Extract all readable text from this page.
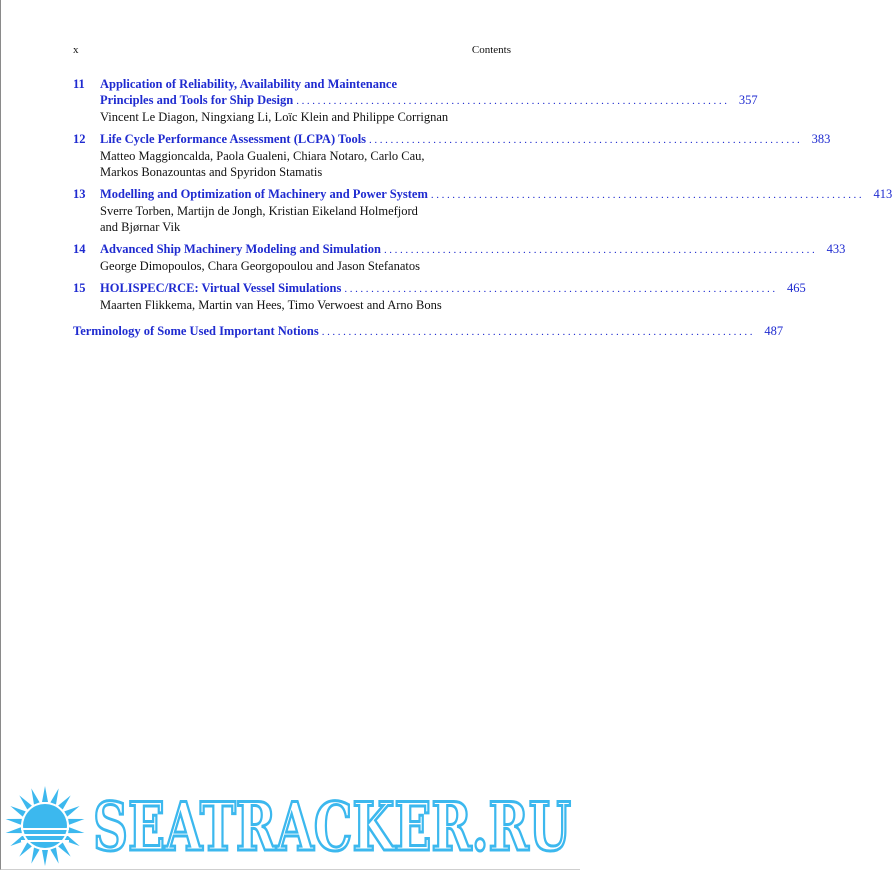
x	Contents
11	Application of Reliability, Availability and Maintenance
Principles and Tools for Ship Design ................................................................................. 357
Vincent Le Diagon, Ningxiang Li, Loïc Klein and Philippe Corrignan
12	Life Cycle Performance Assessment (LCPA) Tools ................................................................................. 383
Matteo Maggioncalda, Paola Gualeni, Chiara Notaro, Carlo Cau,
Markos Bonazountas and Spyridon Stamatis
13	Modelling and Optimization of Machinery and Power System ................................................................................. 413
Sverre Torben, Martijn de Jongh, Kristian Eikeland Holmefjord
and Bjørnar Vik
14	Advanced Ship Machinery Modeling and Simulation ................................................................................. 433
George Dimopoulos, Chara Georgopoulou and Jason Stefanatos
15	HOLISPEC/RCE: Virtual Vessel Simulations ................................................................................. 465
Maarten Flikkema, Martin van Hees, Timo Verwoest and Arno Bons
Terminology of Some Used Important Notions ................................................................................. 487
SEATRACKER.RU
